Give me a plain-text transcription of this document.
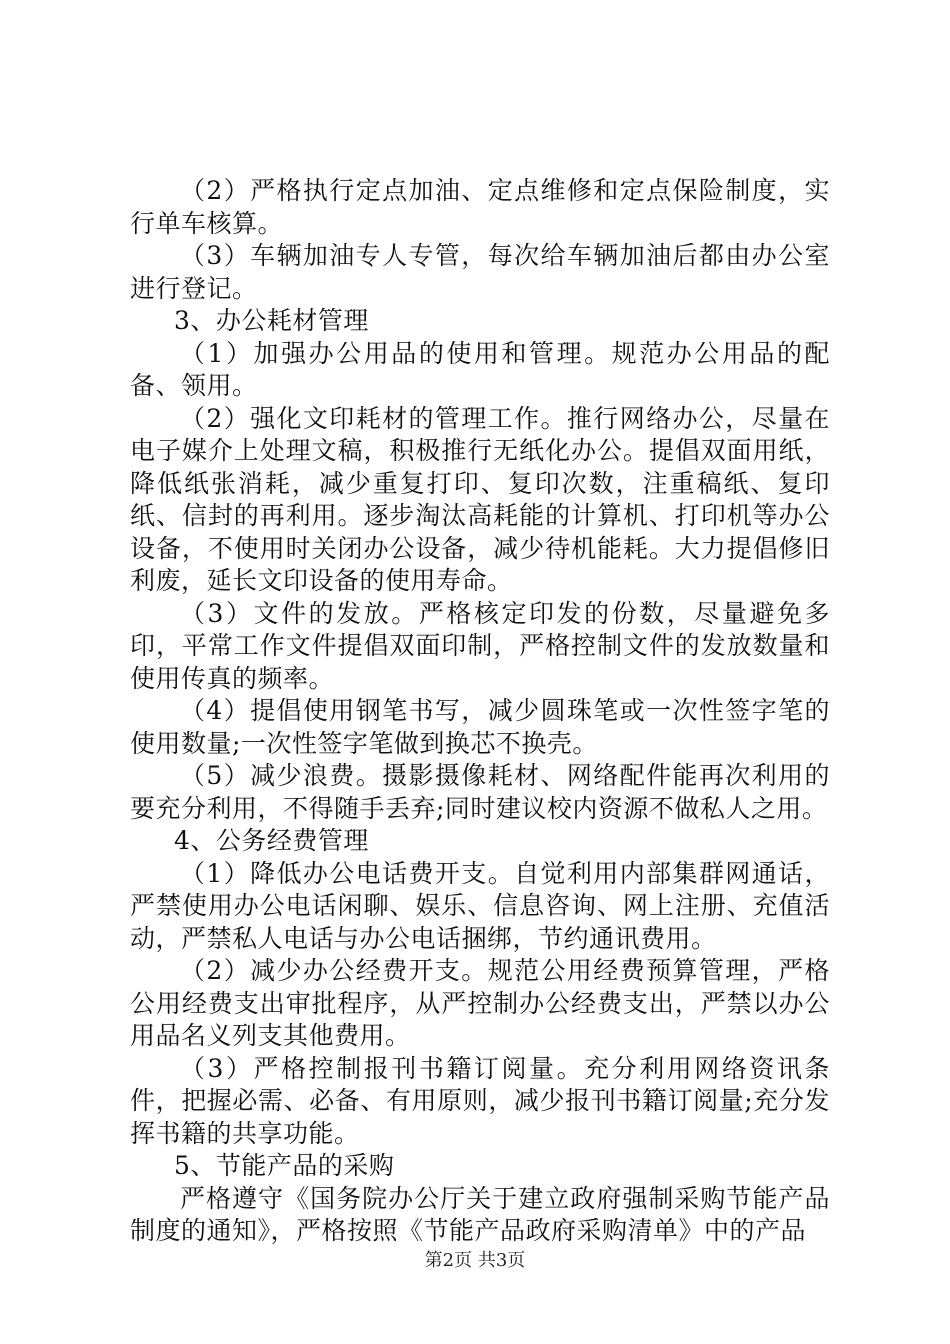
（2）严格执行定点加油、定点维修和定点保险制度，实行单车核算。

（3）车辆加油专人专管，每次给车辆加油后都由办公室进行登记。

3、办公耗材管理

（1）加强办公用品的使用和管理。规范办公用品的配备、领用。

（2）强化文印耗材的管理工作。推行网络办公，尽量在电子媒介上处理文稿，积极推行无纸化办公。提倡双面用纸，降低纸张消耗，减少重复打印、复印次数，注重稿纸、复印纸、信封的再利用。逐步淘汰高耗能的计算机、打印机等办公设备，不使用时关闭办公设备，减少待机能耗。大力提倡修旧利废，延长文印设备的使用寿命。

（3）文件的发放。严格核定印发的份数，尽量避免多印，平常工作文件提倡双面印制，严格控制文件的发放数量和使用传真的频率。

（4）提倡使用钢笔书写，减少圆珠笔或一次性签字笔的使用数量;一次性签字笔做到换芯不换壳。

（5）减少浪费。摄影摄像耗材、网络配件能再次利用的要充分利用，不得随手丢弃;同时建议校内资源不做私人之用。

4、公务经费管理

（1）降低办公电话费开支。自觉利用内部集群网通话，严禁使用办公电话闲聊、娱乐、信息咨询、网上注册、充值活动，严禁私人电话与办公电话捆绑，节约通讯费用。

（2）减少办公经费开支。规范公用经费预算管理，严格公用经费支出审批程序，从严控制办公经费支出，严禁以办公用品名义列支其他费用。

（3）严格控制报刊书籍订阅量。充分利用网络资讯条件，把握必需、必备、有用原则，减少报刊书籍订阅量;充分发挥书籍的共享功能。

5、节能产品的采购

严格遵守《国务院办公厅关于建立政府强制采购节能产品制度的通知》，严格按照《节能产品政府采购清单》中的产品

第2页 共3页
